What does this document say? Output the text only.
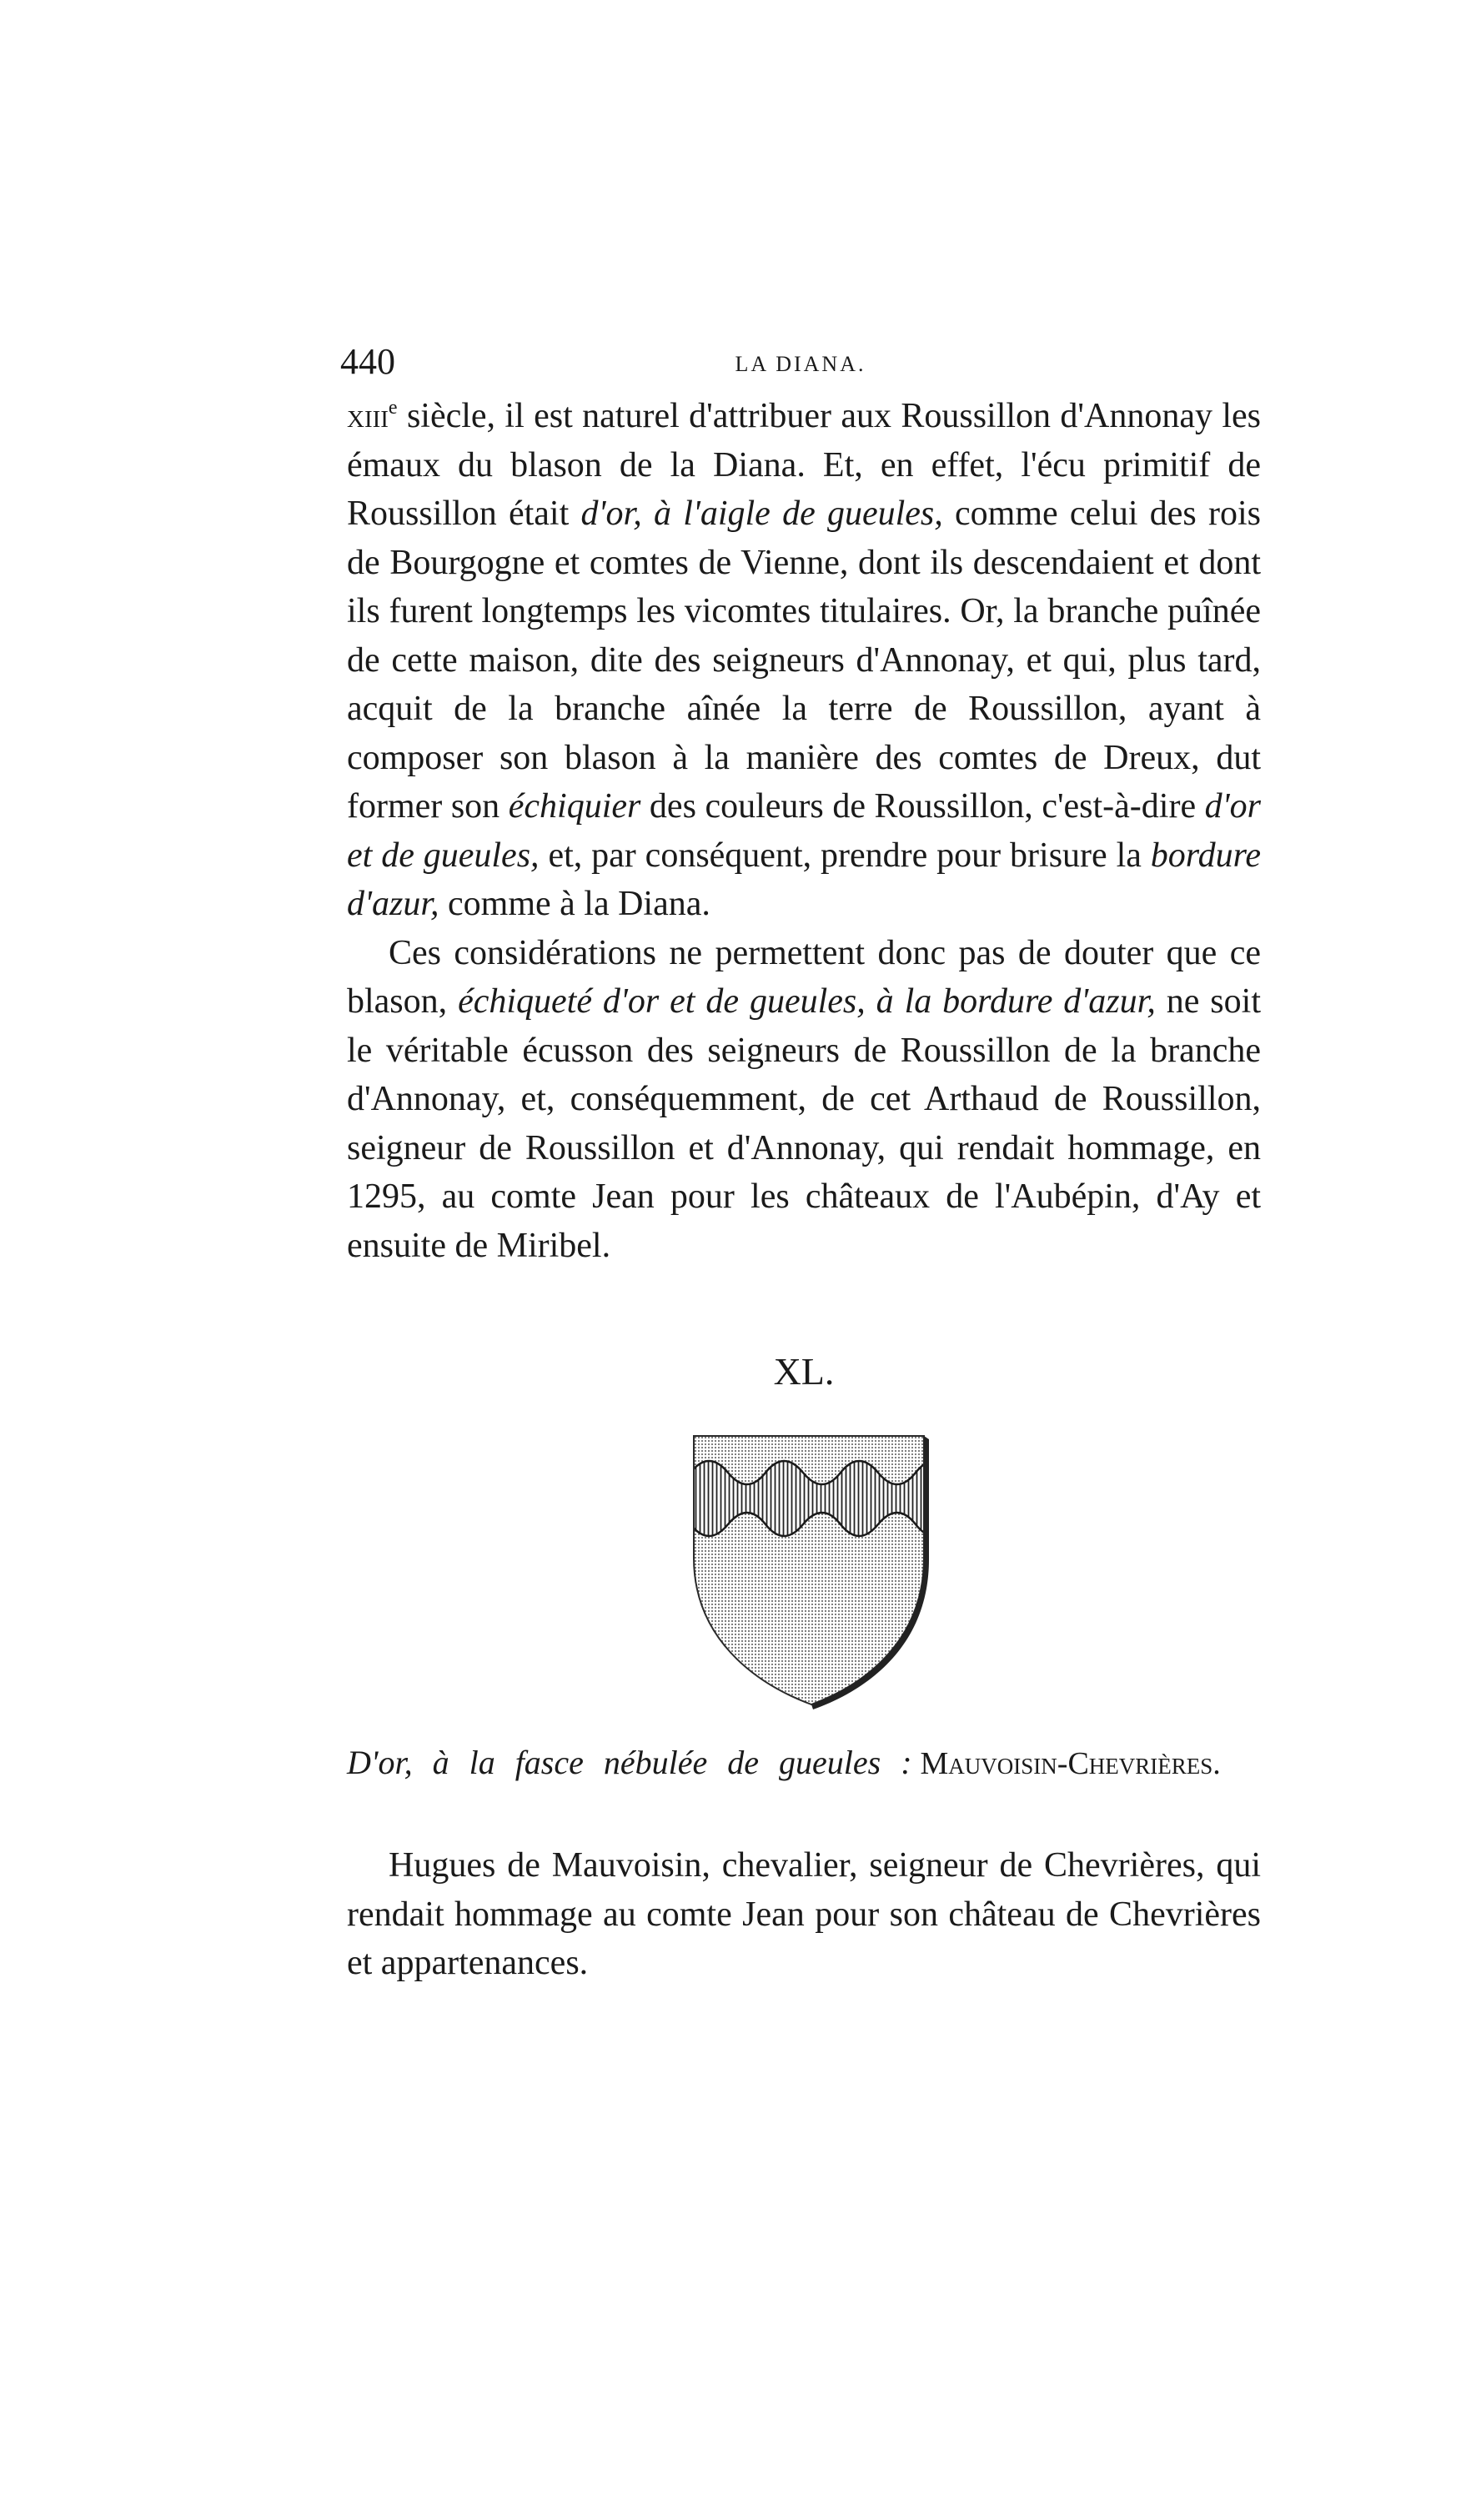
440	LA DIANA.

xiii$^e$ siècle, il est naturel d'attribuer aux Roussillon d'Annonay les émaux du blason de la Diana. Et, en effet, l'écu primitif de Roussillon était d'or, à l'aigle de gueules, comme celui des rois de Bourgogne et comtes de Vienne, dont ils descendaient et dont ils furent longtemps les vicomtes titulaires. Or, la branche puînée de cette maison, dite des seigneurs d'Annonay, et qui, plus tard, acquit de la branche aînée la terre de Roussillon, ayant à composer son blason à la manière des comtes de Dreux, dut former son échiquier des couleurs de Roussillon, c'est-à-dire d'or et de gueules, et, par conséquent, prendre pour brisure la bordure d'azur, comme à la Diana.

Ces considérations ne permettent donc pas de douter que ce blason, échiqueté d'or et de gueules, à la bordure d'azur, ne soit le véritable écusson des seigneurs de Roussillon de la branche d'Annonay, et, conséquemment, de cet Arthaud de Roussillon, seigneur de Roussillon et d'Annonay, qui rendait hommage, en 1295, au comte Jean pour les châteaux de l'Aubépin, d'Ay et ensuite de Miribel.

XL.
D'or, à la fasce nébulée de gueules : Mauvoisin-Chevrières.

Hugues de Mauvoisin, chevalier, seigneur de Chevrières, qui rendait hommage au comte Jean pour son château de Chevrières et appartenances.
